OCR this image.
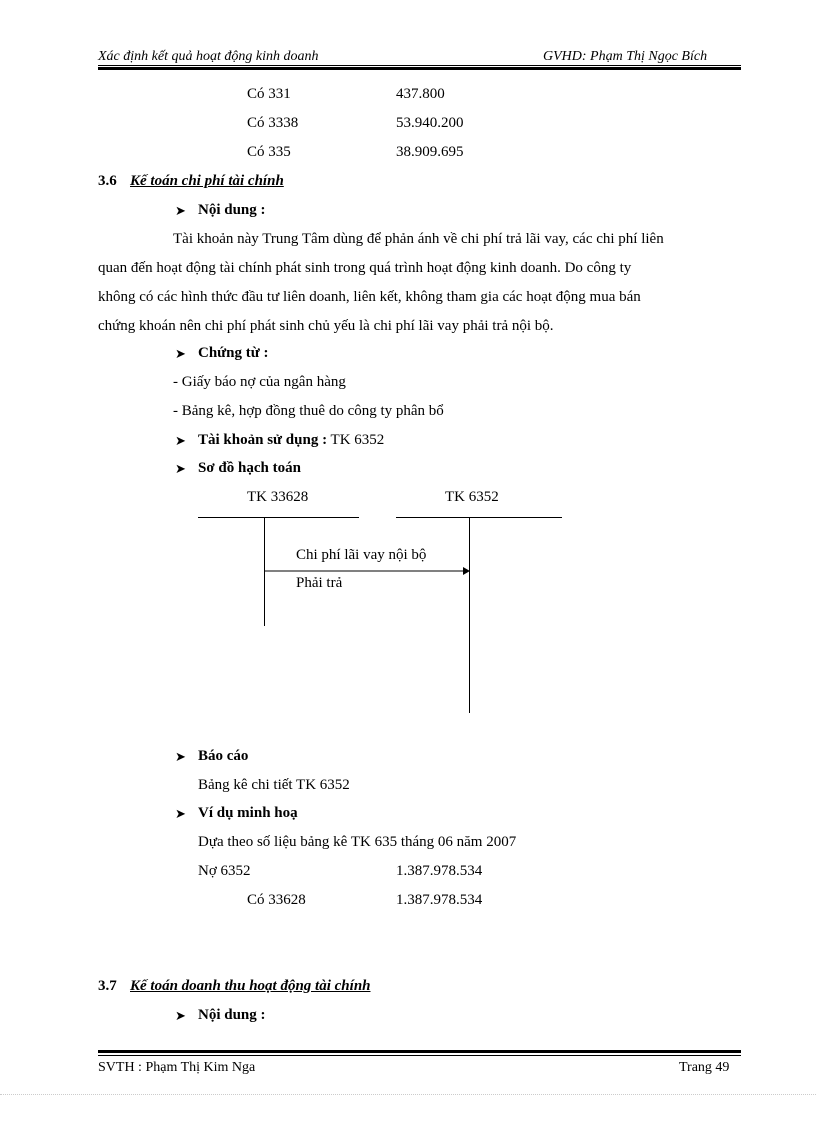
Xác định kết quả hoạt động kinh doanh	GVHD: Phạm Thị Ngọc Bích
Có 331	437.800
Có 3338	53.940.200
Có 335	38.909.695
3.6 Kế toán chi phí tài chính
➤ Nội dung :
Tài khoản này Trung Tâm dùng để phản ánh về chi phí trả lãi vay, các chi phí liên
quan đến hoạt động tài chính phát sinh trong quá trình hoạt động kinh doanh. Do công ty
không có các hình thức đầu tư liên doanh, liên kết, không tham gia các hoạt động mua bán
chứng khoán nên chi phí phát sinh chủ yếu là chi phí lãi vay phải trả nội bộ.
➤ Chứng từ :
- Giấy báo nợ của ngân hàng
- Bảng kê, hợp đồng thuê do công ty phân bổ
➤ Tài khoản sử dụng : TK 6352
➤ Sơ đồ hạch toán
TK 33628	TK 6352
Chi phí lãi vay nội bộ
Phải trả
➤ Báo cáo
Bảng kê chi tiết TK 6352
➤ Ví dụ minh hoạ
Dựa theo số liệu bảng kê TK 635 tháng 06 năm 2007
Nợ 6352	1.387.978.534
Có 33628	1.387.978.534
3.7 Kế toán doanh thu hoạt động tài chính
➤ Nội dung :
SVTH : Phạm Thị Kim Nga	Trang 49
